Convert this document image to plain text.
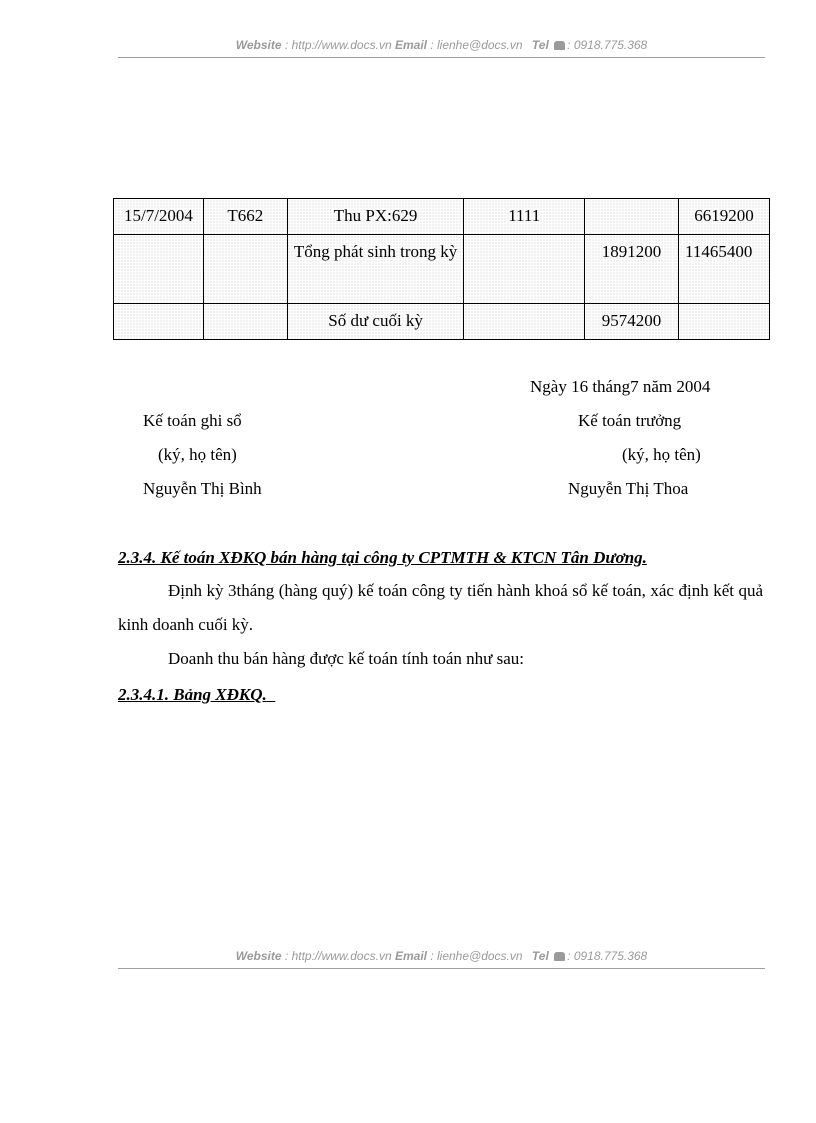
Website : http://www.docs.vn Email : lienhe@docs.vn Tel : 0918.775.368
15/7/2004	T662	Thu PX:629	1111		6619200
		Tổng phát sinh trong kỳ		1891200	11465400
		Số dư cuối kỳ		9574200	
Ngày 16 tháng7 năm 2004
Kế toán ghi sổ	Kế toán trưởng
(ký, họ tên)	(ký, họ tên)
Nguyễn Thị Bình	Nguyễn Thị Thoa
2.3.4. Kế toán XĐKQ bán hàng tại công ty CPTMTH & KTCN Tân Dương.
Định kỳ 3tháng (hàng quý) kế toán công ty tiến hành khoá sổ kế toán, xác định kết quả kinh doanh cuối kỳ.
Doanh thu bán hàng được kế toán tính toán như sau:
2.3.4.1. Bảng XĐKQ.
Website : http://www.docs.vn Email : lienhe@docs.vn Tel : 0918.775.368
